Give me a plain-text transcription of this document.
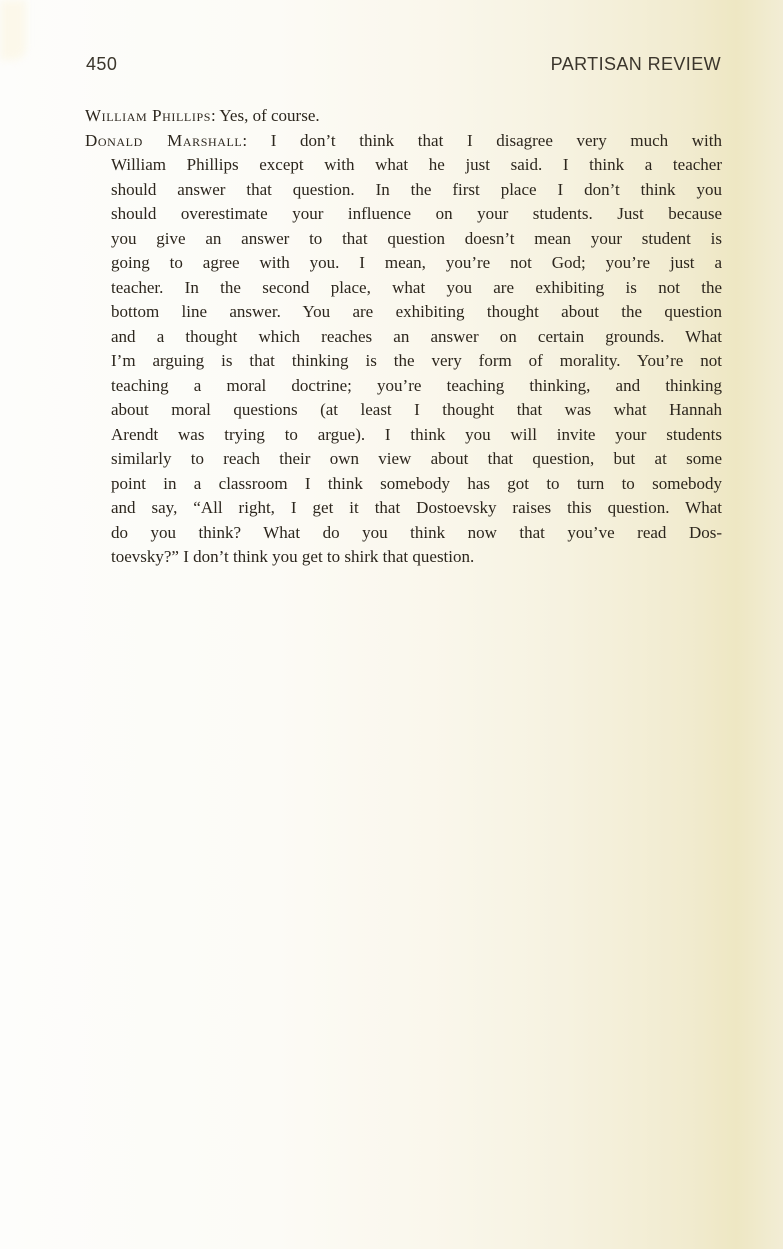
450	PARTISAN REVIEW
William Phillips: Yes, of course.
Donald Marshall: I don’t think that I disagree very much with
William Phillips except with what he just said. I think a teacher
should answer that question. In the first place I don’t think you
should overestimate your influence on your students. Just because
you give an answer to that question doesn’t mean your student is
going to agree with you. I mean, you’re not God; you’re just a
teacher. In the second place, what you are exhibiting is not the
bottom line answer. You are exhibiting thought about the question
and a thought which reaches an answer on certain grounds. What
I’m arguing is that thinking is the very form of morality. You’re not
teaching a moral doctrine; you’re teaching thinking, and thinking
about moral questions (at least I thought that was what Hannah
Arendt was trying to argue). I think you will invite your students
similarly to reach their own view about that question, but at some
point in a classroom I think somebody has got to turn to somebody
and say, “All right, I get it that Dostoevsky raises this question. What
do you think? What do you think now that you’ve read Dos-
toevsky?” I don’t think you get to shirk that question.
